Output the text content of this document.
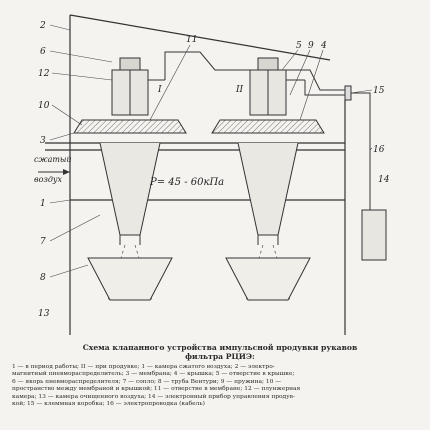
2
6
12
10
3
1
7
8
13
11
5 9 4
15
16
14
I	II
сжатый
воздух	P= 45 - 60кПа
Схема клапанного устройства импульсной продувки рукавов
фильтра РЦИЭ:
1 — в период работы; II — при продувке; 1 — камера сжатого воздуха; 2 — электро-
магнитный пневмораспределитель; 3 — мембрана; 4 — крышка; 5 — отверстие в крышке;
6 — якорь пневмораспределителя; 7 — сопло; 8 — труба Вентури; 9 — пружина; 10 —
пространство между мембраной и крышкой; 11 — отверстие в мембране; 12 — плунжерная
камера; 13 — камера очищенного воздуха; 14 — электронный прибор управления продув-
кой; 15 — клеммная коробка; 16 — электропроводка (кабель)
